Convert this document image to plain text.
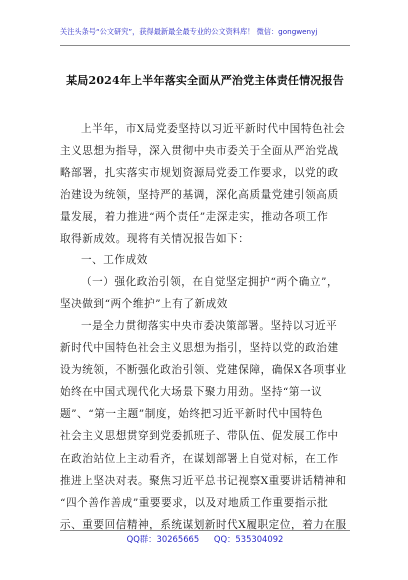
关注头条号“公文研究”，获得最新最全最专业的公文资料库！ 微信：gongwenyj
某局2024年上半年落实全面从严治党主体责任情况报告
上半年，市X局党委坚持以习近平新时代中国特色社会
主义思想为指导，深入贯彻中央市委关于全面从严治党战
略部署，扎实落实市规划资源局党委工作要求，以党的政
治建设为统领，坚持严的基调，深化高质量党建引领高质
量发展，着力推进“两个责任”走深走实，推动各项工作
取得新成效。现将有关情况报告如下：
一、工作成效
（一）强化政治引领，在自觉坚定拥护“两个确立”，
坚决做到“两个维护”上有了新成效
一是全力贯彻落实中央市委决策部署。坚持以习近平
新时代中国特色社会主义思想为指引，坚持以党的政治建
设为统领，不断强化政治引领、党建保障，确保X各项事业
始终在中国式现代化大场景下聚力用劲。坚持“第一议
题”、“第一主题”制度，始终把习近平新时代中国特色
社会主义思想贯穿到党委抓班子、带队伍、促发展工作中
在政治站位上主动看齐，在谋划部署上自觉对标，在工作
推进上坚决对表。聚焦习近平总书记视察X重要讲话精神和
“四个善作善成”重要要求，以及对地质工作重要指示批
示、重要回信精神，系统谋划新时代X履职定位，着力在服
QQ群：30265665 QQ：535304092
